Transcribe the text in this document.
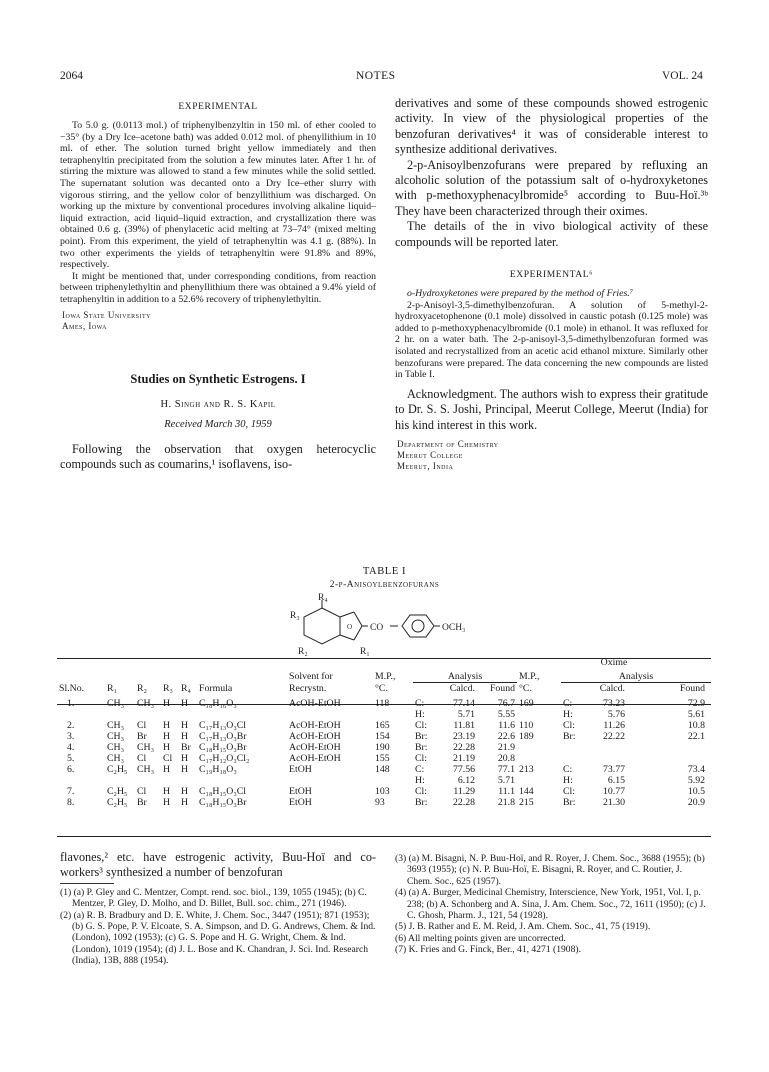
2064	NOTES	VOL. 24
EXPERIMENTAL

To 5.0 g. (0.0113 mol.) of triphenylbenzyltin in 150 ml. of ether cooled to −35° (by a Dry Ice–acetone bath) was added 0.012 mol. of phenyllithium in 10 ml. of ether. The solution turned bright yellow immediately and then tetraphenyltin precipitated from the solution a few minutes later. After 1 hr. of stirring the mixture was allowed to stand a few minutes while the solid settled. The supernatant solution was decanted onto a Dry Ice–ether slurry with vigorous stirring, and the yellow color of benzyllithium was discharged. On working up the mixture by conventional procedures involving alkaline liquid–liquid extraction, acid liquid–liquid extraction, and crystallization there was obtained 0.6 g. (39%) of phenylacetic acid melting at 73–74° (mixed melting point). From this experiment, the yield of tetraphenyltin was 4.1 g. (88%). In two other experiments the yields of tetraphenyltin were 91.8% and 89%, respectively.

It might be mentioned that, under corresponding conditions, from reaction between triphenylethyltin and phenyllithium there was obtained a 9.4% yield of tetraphenyltin in addition to a 52.6% recovery of triphenylethyltin.

Iowa State University
Ames, Iowa
Studies on Synthetic Estrogens. I
H. Singh and R. S. Kapil
Received March 30, 1959

Following the observation that oxygen heterocyclic compounds such as coumarins,¹ isoflavens, iso-

derivatives and some of these compounds showed estrogenic activity. In view of the physiological properties of the benzofuran derivatives⁴ it was of considerable interest to synthesize additional derivatives.

2-p-Anisoylbenzofurans were prepared by refluxing an alcoholic solution of the potassium salt of o-hydroxyketones with p-methoxyphenacylbromide⁵ according to Buu-Hoï.³ᵇ They have been characterized through their oximes.

The details of the in vivo biological activity of these compounds will be reported later.

EXPERIMENTAL⁶

o-Hydroxyketones were prepared by the method of Fries.⁷

2-p-Anisoyl-3,5-dimethylbenzofuran. A solution of 5-methyl-2-hydroxyacetophenone (0.1 mole) dissolved in caustic potash (0.125 mole) was added to p-methoxyphenacylbromide (0.1 mole) in ethanol. It was refluxed for 2 hr. on a water bath. The 2-p-anisoyl-3,5-dimethylbenzofuran formed was isolated and recrystallized from an acetic acid ethanol mixture. Similarly other benzofurans were prepared. The data concerning the new compounds are listed in Table I.

Acknowledgment. The authors wish to express their gratitude to Dr. S. S. Joshi, Principal, Meerut College, Meerut (India) for his kind interest in this work.

Department of Chemistry
Meerut College
Meerut, India
TABLE I
2-p-Anisoylbenzofurans
O
R₄
R₃
R₂	R₁
CO	OCH₃
											Oxime			
						Solvent for	M.P.,	Analysis			M.P.,	Analysis		
Sl.No.	R₁	R₂	R₃	R₄	Formula	Recrystn.	°C.	Calcd.		Found	°C.	Calcd.		Found

1.	CH₃	CH₃	H	H	C₁₈H₁₆O₃	AcOH-EtOH	118	C:	77.14	76.7	169	C:	73.23	72.9
								H:	5.71	5.55		H:	5.76	5.61
2.	CH₃	Cl	H	H	C₁₇H₁₃O₃Cl	AcOH-EtOH	165	Cl:	11.81	11.6	110	Cl:	11.26	10.8
3.	CH₃	Br	H	H	C₁₇H₁₃O₃Br	AcOH-EtOH	154	Br:	23.19	22.6	189	Br:	22.22	22.1
4.	CH₃	CH₃	H	Br	C₁₈H₁₅O₃Br	AcOH-EtOH	190	Br:	22.28	21.9				
5.	CH₃	Cl	Cl	H	C₁₇H₁₂O₃Cl₂	AcOH-EtOH	155	Cl:	21.19	20.8				
6.	C₂H₅	CH₃	H	H	C₁₉H₁₈O₃	EtOH	148	C:	77.56	77.1	213	C:	73.77	73.4
								H:	6.12	5.71		H:	6.15	5.92
7.	C₂H₅	Cl	H	H	C₁₈H₁₅O₃Cl	EtOH	103	Cl:	11.29	11.1	144	Cl:	10.77	10.5
8.	C₂H₅	Br	H	H	C₁₈H₁₅O₃Br	EtOH	93	Br:	22.28	21.8	215	Br:	21.30	20.9

flavones,² etc. have estrogenic activity, Buu-Hoï and co-workers³ synthesized a number of benzofuran

(1) (a) P. Gley and C. Mentzer, Compt. rend. soc. biol., 139, 1055 (1945); (b) C. Mentzer, P. Gley, D. Molho, and D. Billet, Bull. soc. chim., 271 (1946).

(2) (a) R. B. Bradbury and D. E. White, J. Chem. Soc., 3447 (1951); 871 (1953); (b) G. S. Pope, P. V. Elcoate, S. A. Simpson, and D. G. Andrews, Chem. & Ind. (London), 1092 (1953); (c) G. S. Pope and H. G. Wright, Chem. & Ind. (London), 1019 (1954); (d) J. L. Bose and K. Chandran, J. Sci. Ind. Research (India), 13B, 888 (1954).

(3) (a) M. Bisagni, N. P. Buu-Hoï, and R. Royer, J. Chem. Soc., 3688 (1955); (b) 3693 (1955); (c) N. P. Buu-Hoï, E. Bisagni, R. Royer, and C. Routier, J. Chem. Soc., 625 (1957).

(4) (a) A. Burger, Medicinal Chemistry, Interscience, New York, 1951, Vol. I, p. 238; (b) A. Schonberg and A. Sina, J. Am. Chem. Soc., 72, 1611 (1950); (c) J. C. Ghosh, Pharm. J., 121, 54 (1928).

(5) J. B. Rather and E. M. Reid, J. Am. Chem. Soc., 41, 75 (1919).

(6) All melting points given are uncorrected.

(7) K. Fries and G. Finck, Ber., 41, 4271 (1908).
